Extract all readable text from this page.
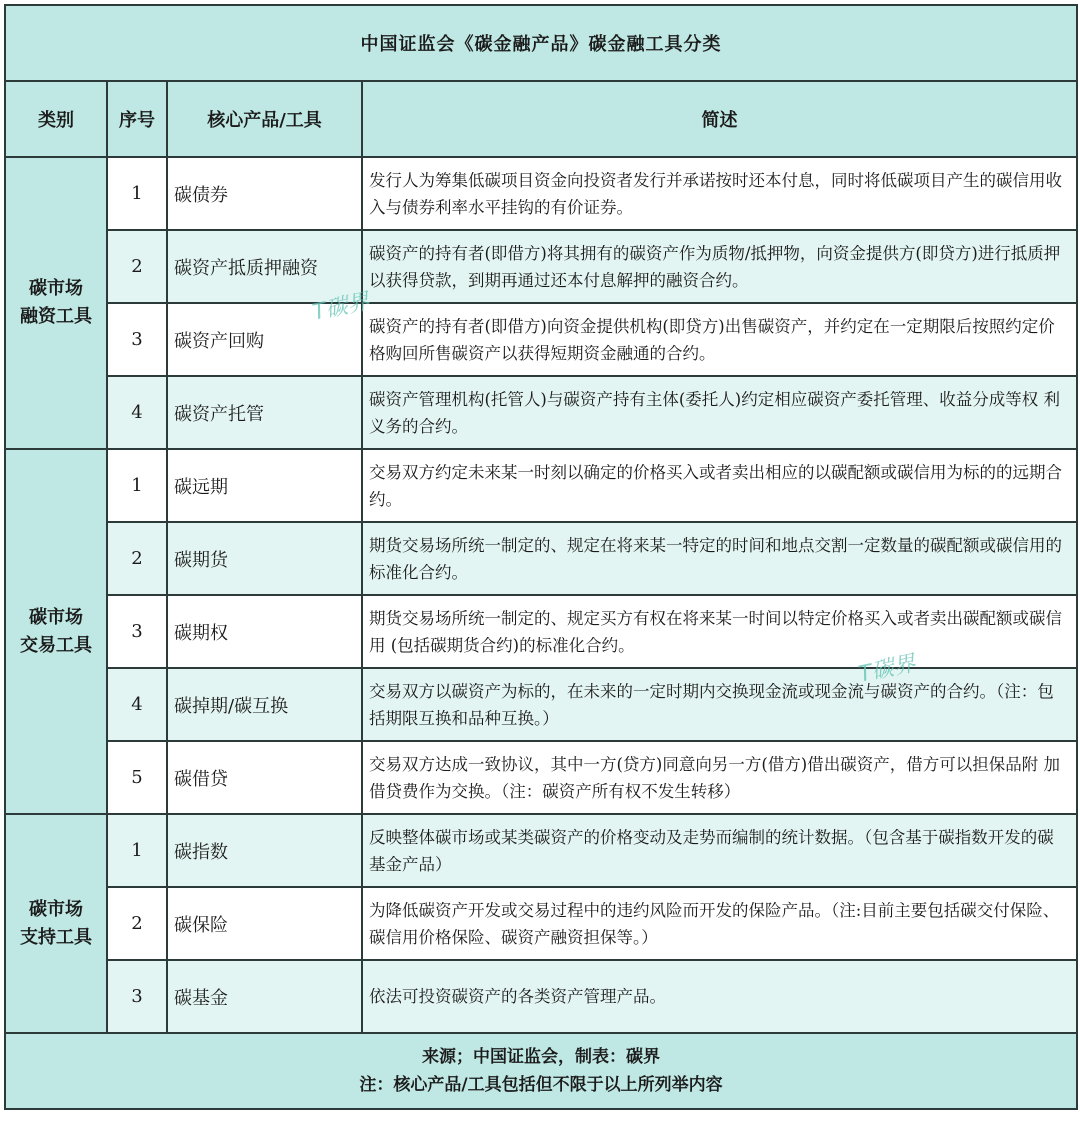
中国证监会《碳金融产品》碳金融工具分类			
类别	序号	核心产品/工具	简述
碳市场
融资工具	1	碳债券	发行人为筹集低碳项目资金向投资者发行并承诺按时还本付息，同时将低碳项目产生的碳信用收入与债券利率水平挂钩的有价证券。
	2	碳资产抵质押融资	碳资产的持有者(即借方)将其拥有的碳资产作为质物/抵押物，向资金提供方(即贷方)进行抵质押以获得贷款，到期再通过还本付息解押的融资合约。
	3	碳资产回购	碳资产的持有者(即借方)向资金提供机构(即贷方)出售碳资产，并约定在一定期限后按照约定价格购回所售碳资产以获得短期资金融通的合约。
	4	碳资产托管	碳资产管理机构(托管人)与碳资产持有主体(委托人)约定相应碳资产委托管理、收益分成等权 利义务的合约。
碳市场
交易工具	1	碳远期	交易双方约定未来某一时刻以确定的价格买入或者卖出相应的以碳配额或碳信用为标的的远期合约。
	2	碳期货	期货交易场所统一制定的、规定在将来某一特定的时间和地点交割一定数量的碳配额或碳信用的标准化合约。
	3	碳期权	期货交易场所统一制定的、规定买方有权在将来某一时间以特定价格买入或者卖出碳配额或碳信用 (包括碳期货合约)的标准化合约。
	4	碳掉期/碳互换	交易双方以碳资产为标的，在未来的一定时期内交换现金流或现金流与碳资产的合约。（注：包括期限互换和品种互换。）
	5	碳借贷	交易双方达成一致协议，其中一方(贷方)同意向另一方(借方)借出碳资产，借方可以担保品附 加借贷费作为交换。（注：碳资产所有权不发生转移）
碳市场
支持工具	1	碳指数	反映整体碳市场或某类碳资产的价格变动及走势而编制的统计数据。（包含基于碳指数开发的碳基金产品）
	2	碳保险	为降低碳资产开发或交易过程中的违约风险而开发的保险产品。（注:目前主要包括碳交付保险、碳信用价格保险、碳资产融资担保等。）
	3	碳基金	依法可投资碳资产的各类资产管理产品。

来源；中国证监会，制表：碳界
注：核心产品/工具包括但不限于以上所列举内容			
T碳界
T碳界
